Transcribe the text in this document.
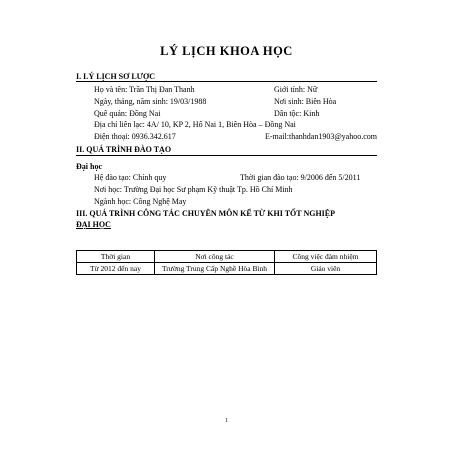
LÝ LỊCH KHOA HỌC
I. LÝ LỊCH SƠ LƯỢC
Họ và tên: Trần Thị Đan Thanh	Giới tính: Nữ
Ngày, tháng, năm sinh: 19/03/1988	Nơi sinh: Biên Hòa
Quê quán: Đồng Nai	Dân tộc: Kinh
Địa chỉ liên lạc: 4A/ 10, KP 2, Hố Nai 1, Biên Hòa – Đồng Nai
Điện thoại: 0936.342.617	E-mail:thanhdan1903@yahoo.com
II. QUÁ TRÌNH ĐÀO TẠO
Đại học
Hệ đào tạo: Chính quy	Thời gian đào tạo: 9/2006 đến 5/2011
Nơi học: Trường Đại học Sư phạm Kỹ thuật Tp. Hồ Chí Minh
Ngành học: Công Nghệ May
III. QUÁ TRÌNH CÔNG TÁC CHUYÊN MÔN KỂ TỪ KHI TỐT NGHIỆP
ĐẠI HỌC
Thời gian	Nơi công tác	Công việc đảm nhiệm
Từ 2012 đến nay	Trường Trung Cấp Nghề Hòa Bình	Giáo viên
1
